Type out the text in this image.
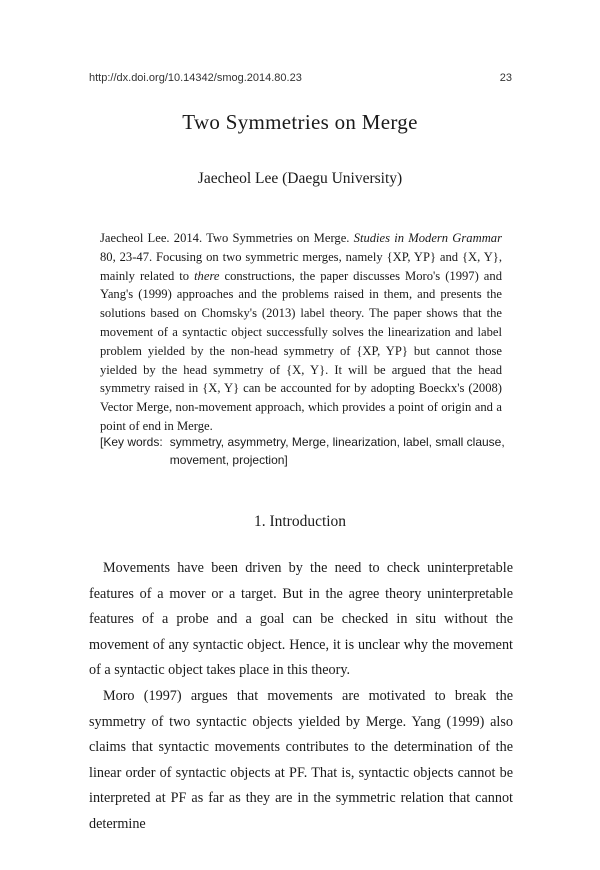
http://dx.doi.org/10.14342/smog.2014.80.23	23
Two Symmetries on Merge
Jaecheol Lee (Daegu University)

Jaecheol Lee. 2014. Two Symmetries on Merge. Studies in Modern Grammar 80, 23-47. Focusing on two symmetric merges, namely {XP, YP} and {X, Y}, mainly related to there constructions, the paper discusses Moro's (1997) and Yang's (1999) approaches and the problems raised in them, and presents the solutions based on Chomsky's (2013) label theory. The paper shows that the movement of a syntactic object successfully solves the linearization and label problem yielded by the non-head symmetry of {XP, YP} but cannot those yielded by the head symmetry of {X, Y}. It will be argued that the head symmetry raised in {X, Y} can be accounted for by adopting Boeckx's (2008) Vector Merge, non-movement approach, which provides a point of origin and a point of end in Merge.

[Key words: symmetry, asymmetry, Merge, linearization, label, small clause, movement, projection]
1. Introduction

Movements have been driven by the need to check uninterpretable features of a mover or a target. But in the agree theory uninterpretable features of a probe and a goal can be checked in situ without the movement of any syntactic object. Hence, it is unclear why the movement of a syntactic object takes place in this theory.

Moro (1997) argues that movements are motivated to break the symmetry of two syntactic objects yielded by Merge. Yang (1999) also claims that syntactic movements contributes to the determination of the linear order of syntactic objects at PF. That is, syntactic objects cannot be interpreted at PF as far as they are in the symmetric relation that cannot determine
